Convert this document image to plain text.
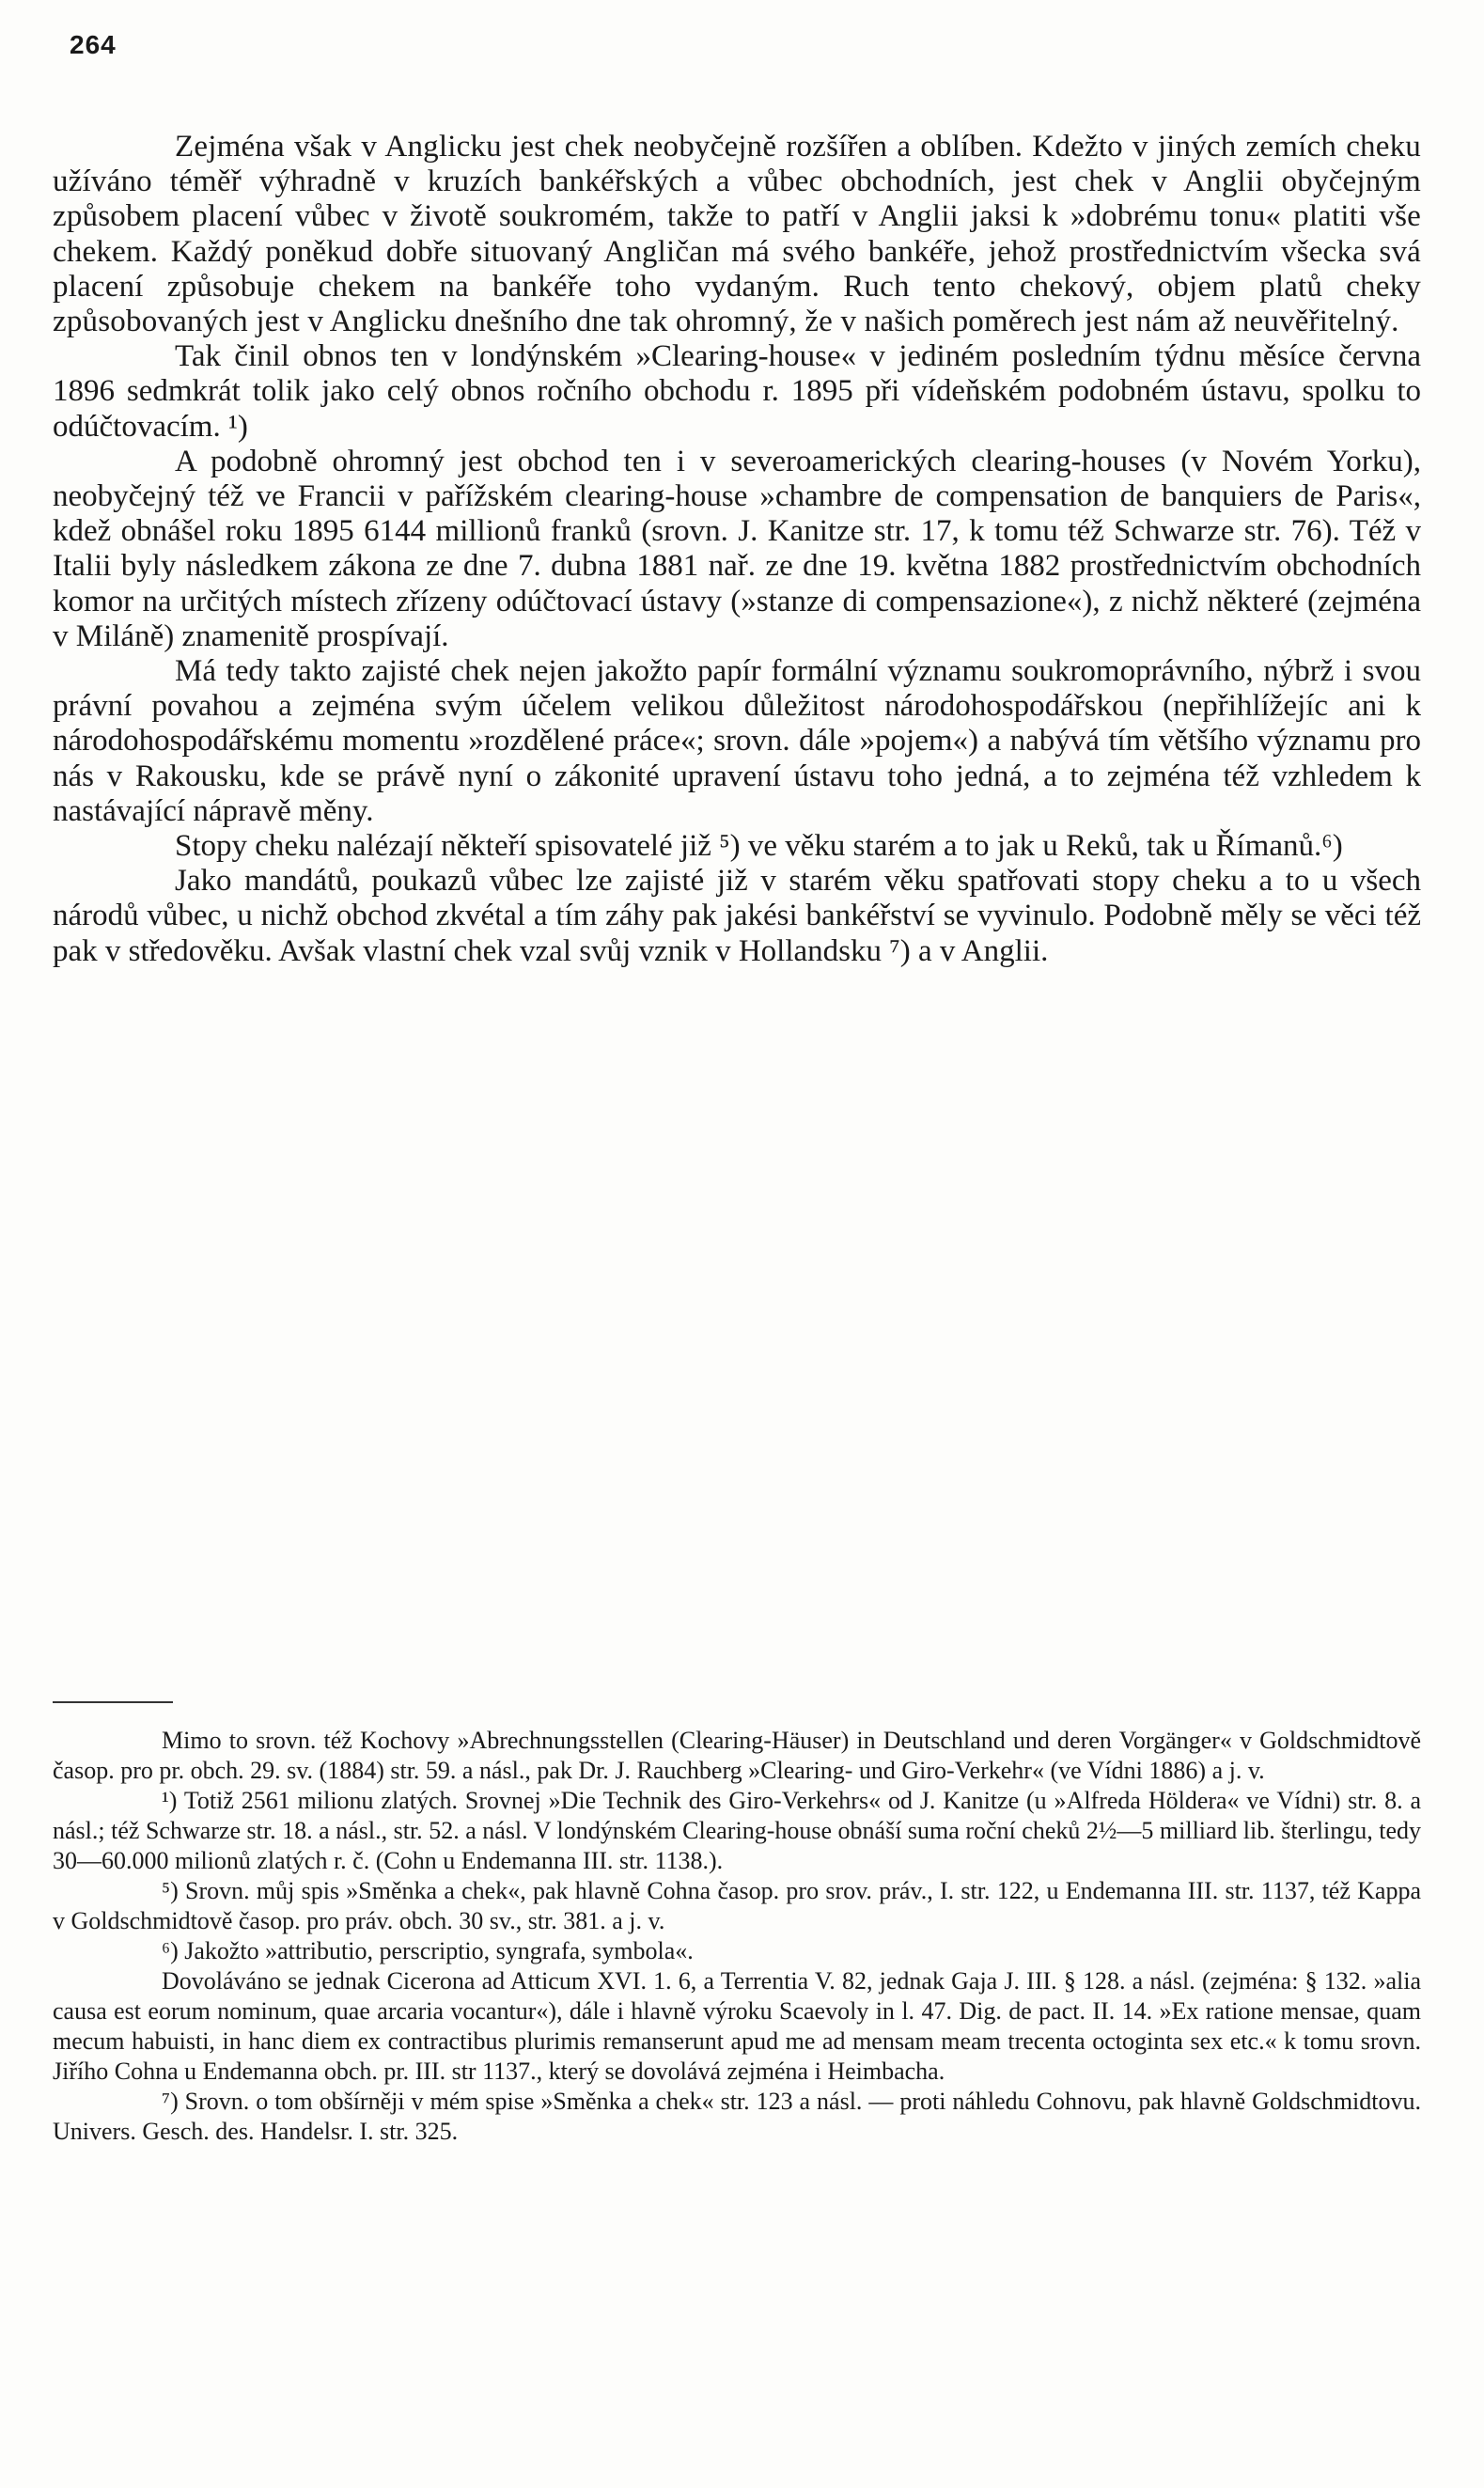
264

Zejména však v Anglicku jest chek neobyčejně rozšířen a oblíben. Kdežto v jiných zemích cheku užíváno téměř výhradně v kruzích bankéřských a vůbec obchodních, jest chek v Anglii obyčejným způsobem placení vůbec v životě soukromém, takže to patří v Anglii jaksi k »dobrému tonu« platiti vše chekem. Každý poněkud dobře situovaný Angličan má svého bankéře, jehož prostřednictvím všecka svá placení způsobuje chekem na bankéře toho vydaným. Ruch tento chekový, objem platů cheky způsobovaných jest v Anglicku dnešního dne tak ohromný, že v našich poměrech jest nám až neuvěřitelný.

Tak činil obnos ten v londýnském »Clearing-house« v jediném posledním týdnu měsíce června 1896 sedmkrát tolik jako celý obnos ročního obchodu r. 1895 při vídeňském podobném ústavu, spolku to odúčtovacím. ¹)

A podobně ohromný jest obchod ten i v severoamerických clearing-houses (v Novém Yorku), neobyčejný též ve Francii v pařížském clearing-house »chambre de compensation de banquiers de Paris«, kdež obnášel roku 1895 6144 millionů franků (srovn. J. Kanitze str. 17, k tomu též Schwarze str. 76). Též v Italii byly následkem zákona ze dne 7. dubna 1881 nař. ze dne 19. května 1882 prostřednictvím obchodních komor na určitých místech zřízeny odúčtovací ústavy (»stanze di compensazione«), z nichž některé (zejména v Miláně) znamenitě prospívají.

Má tedy takto zajisté chek nejen jakožto papír formální významu soukromoprávního, nýbrž i svou právní povahou a zejména svým účelem velikou důležitost národohospodářskou (nepřihlížejíc ani k národohospodářskému momentu »rozdělené práce«; srovn. dále »pojem«) a nabývá tím většího významu pro nás v Rakousku, kde se právě nyní o zákonité upravení ústavu toho jedná, a to zejména též vzhledem k nastávající nápravě měny.

Stopy cheku nalézají někteří spisovatelé již ⁵) ve věku starém a to jak u Reků, tak u Římanů.⁶)

Jako mandátů, poukazů vůbec lze zajisté již v starém věku spatřovati stopy cheku a to u všech národů vůbec, u nichž obchod zkvétal a tím záhy pak jakési bankéřství se vyvinulo. Podobně měly se věci též pak v středověku. Avšak vlastní chek vzal svůj vznik v Hollandsku ⁷) a v Anglii.

Mimo to srovn. též Kochovy »Abrechnungsstellen (Clearing-Häuser) in Deutschland und deren Vorgänger« v Goldschmidtově časop. pro pr. obch. 29. sv. (1884) str. 59. a násl., pak Dr. J. Rauchberg »Clearing- und Giro-Verkehr« (ve Vídni 1886) a j. v.

¹) Totiž 2561 milionu zlatých. Srovnej »Die Technik des Giro-Verkehrs« od J. Kanitze (u »Alfreda Höldera« ve Vídni) str. 8. a násl.; též Schwarze str. 18. a násl., str. 52. a násl. V londýnském Clearing-house obnáší suma roční cheků 2½—5 milliard lib. šterlingu, tedy 30—60.000 milionů zlatých r. č. (Cohn u Endemanna III. str. 1138.).

⁵) Srovn. můj spis »Směnka a chek«, pak hlavně Cohna časop. pro srov. práv., I. str. 122, u Endemanna III. str. 1137, též Kappa v Goldschmidtově časop. pro práv. obch. 30 sv., str. 381. a j. v.

⁶) Jakožto »attributio, perscriptio, syngrafa, symbola«.

Dovoláváno se jednak Cicerona ad Atticum XVI. 1. 6, a Terrentia V. 82, jednak Gaja J. III. § 128. a násl. (zejména: § 132. »alia causa est eorum nominum, quae arcaria vocantur«), dále i hlavně výroku Scaevoly in l. 47. Dig. de pact. II. 14. »Ex ratione mensae, quam mecum habuisti, in hanc diem ex contractibus plurimis remanserunt apud me ad mensam meam trecenta octoginta sex etc.« k tomu srovn. Jiřího Cohna u Endemanna obch. pr. III. str 1137., který se dovolává zejména i Heimbacha.

⁷) Srovn. o tom obšírněji v mém spise »Směnka a chek« str. 123 a násl. — proti náhledu Cohnovu, pak hlavně Goldschmidtovu. Univers. Gesch. des. Handelsr. I. str. 325.
